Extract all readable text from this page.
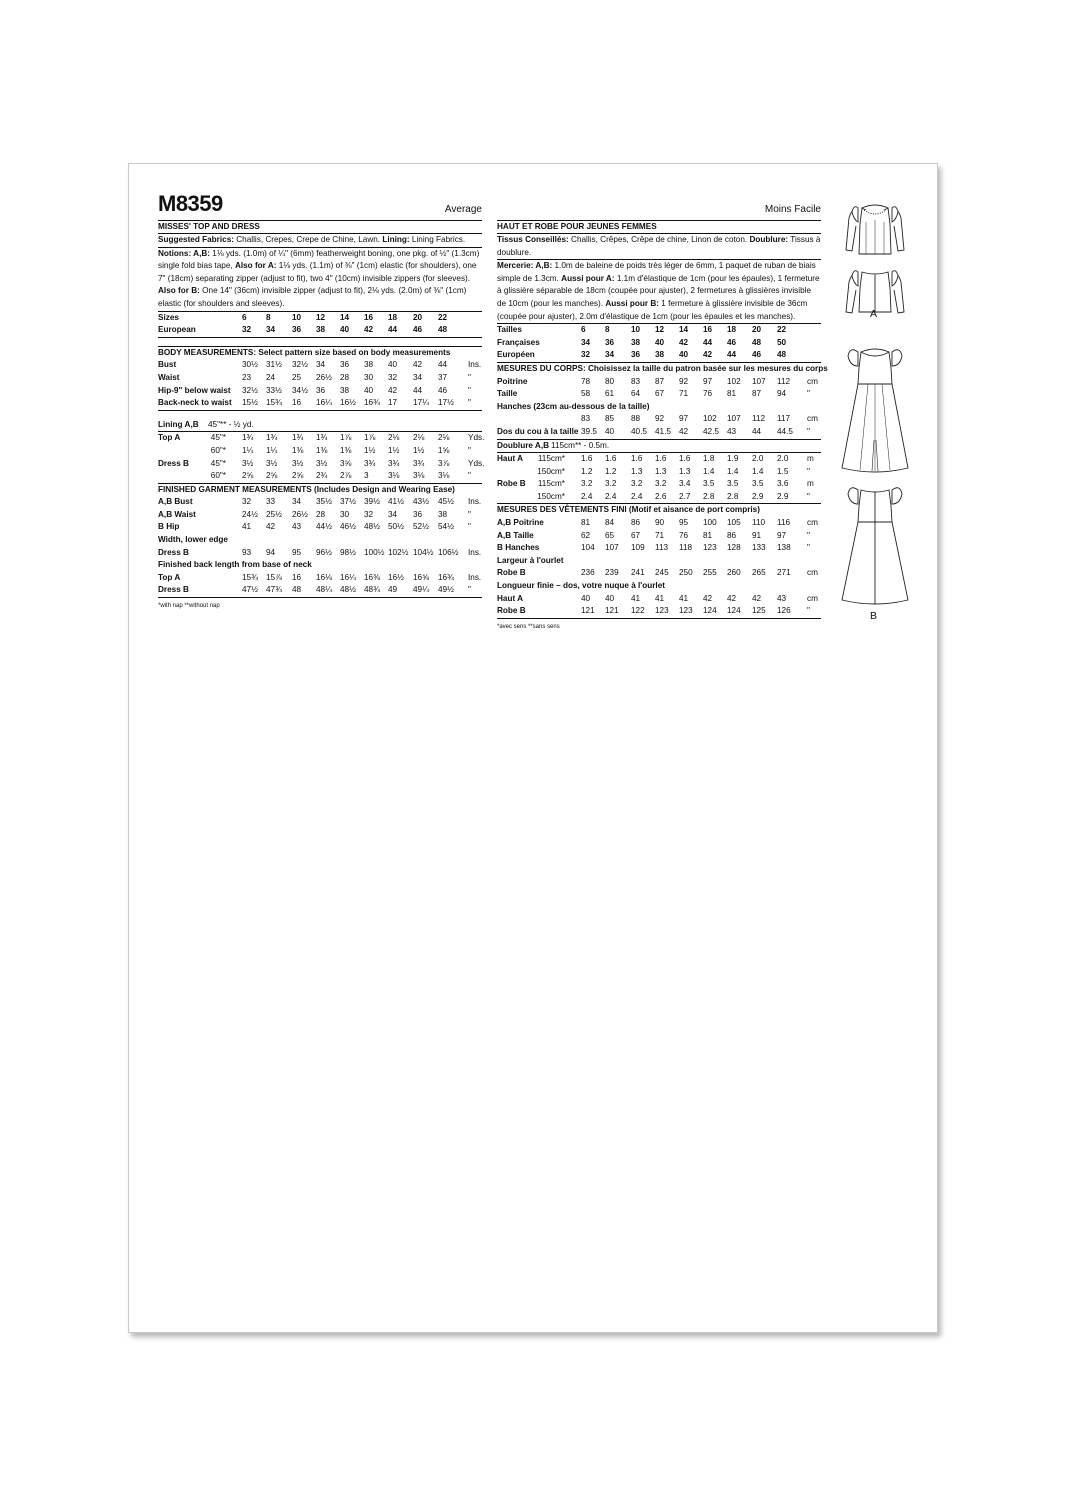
M8359	Average
MISSES' TOP AND DRESS

Suggested Fabrics: Challis, Crepes, Crepe de Chine, Lawn. Lining: Lining Fabrics.

Notions: A,B: 1⅛ yds. (1.0m) of ¼" (6mm) featherweight boning, one pkg. of ½" (1.3cm) single fold bias tape, Also for A: 1⅛ yds. (1.1m) of ⅜" (1cm) elastic (for shoulders), one 7" (18cm) separating zipper (adjust to fit), two 4" (10cm) invisible zippers (for sleeves). Also for B: One 14" (36cm) invisible zipper (adjust to fit), 2⅛ yds. (2.0m) of ⅜" (1cm) elastic (for shoulders and sleeves).

Sizes	6 8	10 12 14 16 18 20 22
European	32 34 36 38 40 42 44 46 48
BODY MEASUREMENTS: Select pattern size based on body measurements
Bust	30½ 31½ 32½ 34 36 38 40 42 44	Ins.
Waist	23 24 25 26½ 28 30 32 34 37	"
Hip-9" below waist 32½ 33½ 34½ 36 38 40 42 44 46	"
Back-neck to waist 15½ 15¾ 16 16¼ 16½ 16¾ 17 17¼ 17½ "
Lining A,B 45"** - ½ yd.
Top A	45"* 1¾ 1¾ 1¾ 1¾ 1⅞ 1⅞ 2⅛ 2⅛ 2⅛ Yds.
60"* 1¼ 1¼ 1⅜ 1⅜ 1⅜ 1½ 1½ 1½ 1⅝ "
Dress B	45"* 3½ 3½ 3½ 3½ 3⅝ 3¾ 3¾ 3¾ 3⅞ Yds.
60"* 2⅝ 2⅝ 2⅝ 2¾ 2⅞ 3 3⅛ 3⅛ 3⅛ "
FINISHED GARMENT MEASUREMENTS (Includes Design and Wearing Ease)
A,B Bust	32 33 34 35½ 37½ 39½ 41½ 43½ 45½ Ins.
A,B Waist	24½ 25½ 26½ 28 30 32 34 36 38	"
B Hip	41 42 43 44½ 46½ 48½ 50½ 52½ 54½ "
Width, lower edge
Dress B	93 94 95 96½ 98½ 100½ 102½ 104½ 106½ Ins.
Finished back length from base of neck
Top A	15¾ 15⅞ 16 16⅛ 16¼ 16⅜ 16½ 16⅝ 16¾ Ins.
Dress B	47½ 47¾ 48 48¼ 48½ 48¾ 49 49¼ 49½ "
*with nap **without nap
Moins Facile
HAUT ET ROBE POUR JEUNES FEMMES

Tissus Conseillés: Challis, Crêpes, Crêpe de chine, Linon de coton. Doublure: Tissus à doublure.

Mercerie: A,B: 1.0m de baleine de poids très léger de 6mm, 1 paquet de ruban de biais simple de 1.3cm. Aussi pour A: 1.1m d'élastique de 1cm (pour les épaules), 1 fermeture à glissière séparable de 18cm (coupée pour ajuster), 2 fermetures à glissières invisible de 10cm (pour les manches). Aussi pour B: 1 fermeture à glissière invisible de 36cm (coupée pour ajuster), 2.0m d'élastique de 1cm (pour les épaules et les manches).

Tailles	6 8	10 12 14 16 18 20 22
Françaises	34 36 38 40 42 44 46 48 50
Européen	32 34 36 38 40 42 44 46 48
MESURES DU CORPS: Choisissez la taille du patron basée sur les mesures du corps
Poitrine	78 80 83 87 92 97 102 107 112 cm
Taille	58 61 64 67 71 76 81 87 94	"
Hanches (23cm au-dessous de la taille)
83 85 88 92 97 102 107 112 117 cm
Dos du cou à la taille 39.5 40 40.5 41.5 42 42.5 43 44 44.5 "
Doublure A,B 115cm** - 0.5m.
Haut A	115cm* 1.6 1.6 1.6 1.6 1.6 1.8 1.9 2.0 2.0 m
150cm* 1.2 1.2 1.3 1.3 1.3 1.4 1.4 1.4 1.5 "
Robe B	115cm* 3.2 3.2 3.2 3.2 3.4 3.5 3.5 3.5 3.6 m
150cm* 2.4 2.4 2.4 2.6 2.7 2.8 2.8 2.9 2.9 "
MESURES DES VÊTEMENTS FINI (Motif et aisance de port compris)
A,B Poitrine	81 84 86 90 95 100 105 110 116 cm
A,B Taille	62 65 67 71 76 81 86 91 97	"
B Hanches	104 107 109 113 118 123 128 133 138 "
Largeur à l'ourlet
Robe B	236 239 241 245 250 255 260 265 271 cm
Longueur finie – dos, votre nuque à l'ourlet
Haut A	40 40 41 41 41 42 42 42 43	cm
Robe B	121 121 122 123 123 124 124 125 126 "
*avec sens **sans sens
A
B
